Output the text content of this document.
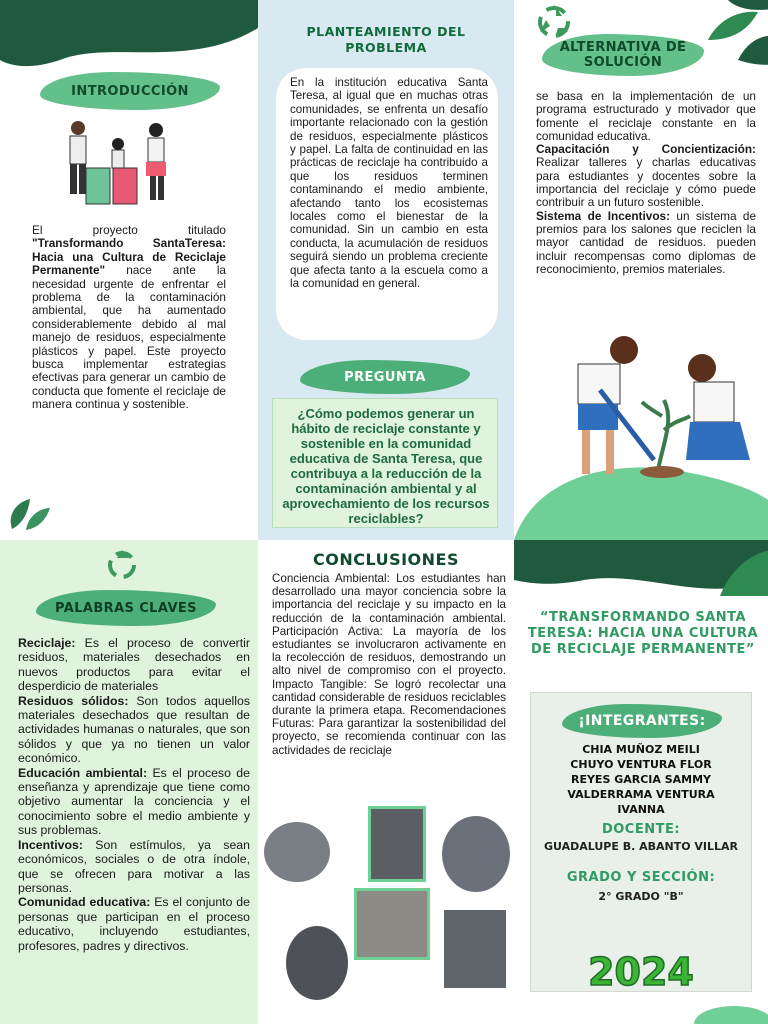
INTRODUCCIÓN
El proyecto titulado "Transformando SantaTeresa: Hacia una Cultura de Reciclaje Permanente" nace ante la necesidad urgente de enfrentar el problema de la contaminación ambiental, que ha aumentado considerablemente debido al mal manejo de residuos, especialmente plásticos y papel. Este proyecto busca implementar estrategias efectivas para generar un cambio de conducta que fomente el reciclaje de manera continua y sostenible.
PLANTEAMIENTO DEL
PROBLEMA
En la institución educativa Santa Teresa, al igual que en muchas otras comunidades, se enfrenta un desafío importante relacionado con la gestión de residuos, especialmente plásticos y papel. La falta de continuidad en las prácticas de reciclaje ha contribuido a que los residuos terminen contaminando el medio ambiente, afectando tanto los ecosistemas locales como el bienestar de la comunidad. Sin un cambio en esta conducta, la acumulación de residuos seguirá siendo un problema creciente que afecta tanto a la escuela como a la comunidad en general.
PREGUNTA
¿Cómo podemos generar un hábito de reciclaje constante y sostenible en la comunidad educativa de Santa Teresa, que contribuya a la reducción de la contaminación ambiental y al aprovechamiento de los recursos reciclables?
ALTERNATIVA DE
SOLUCIÓN
se basa en la implementación de un programa estructurado y motivador que fomente el reciclaje constante en la comunidad educativa.
Capacitación y Concientización: Realizar talleres y charlas educativas para estudiantes y docentes sobre la importancia del reciclaje y cómo puede contribuir a un futuro sostenible.
Sistema de Incentivos: un sistema de premios para los salones que reciclen la mayor cantidad de residuos. pueden incluir recompensas como diplomas de reconocimiento, premios materiales.
PALABRAS CLAVES
Reciclaje: Es el proceso de convertir residuos, materiales desechados en nuevos productos para evitar el desperdicio de materiales
Residuos sólidos: Son todos aquellos materiales desechados que resultan de actividades humanas o naturales, que son sólidos y que ya no tienen un valor económico.
Educación ambiental: Es el proceso de enseñanza y aprendizaje que tiene como objetivo aumentar la conciencia y el conocimiento sobre el medio ambiente y sus problemas.
Incentivos: Son estímulos, ya sean económicos, sociales o de otra índole, que se ofrecen para motivar a las personas.
Comunidad educativa: Es el conjunto de personas que participan en el proceso educativo, incluyendo estudiantes, profesores, padres y directivos.
CONCLUSIONES
Conciencia Ambiental: Los estudiantes han desarrollado una mayor conciencia sobre la importancia del reciclaje y su impacto en la reducción de la contaminación ambiental. Participación Activa: La mayoría de los estudiantes se involucraron activamente en la recolección de residuos, demostrando un alto nivel de compromiso con el proyecto. Impacto Tangible: Se logró recolectar una cantidad considerable de residuos reciclables durante la primera etapa. Recomendaciones Futuras: Para garantizar la sostenibilidad del proyecto, se recomienda continuar con las actividades de reciclaje
“TRANSFORMANDO SANTA TERESA: HACIA UNA CULTURA DE RECICLAJE PERMANENTE”
¡INTEGRANTES:
CHIA MUÑOZ MEILI
CHUYO VENTURA FLOR
REYES GARCIA SAMMY
VALDERRAMA VENTURA
IVANNA
DOCENTE:
GUADALUPE B. ABANTO VILLAR
GRADO Y SECCIÓN:
2° GRADO "B"
2024
